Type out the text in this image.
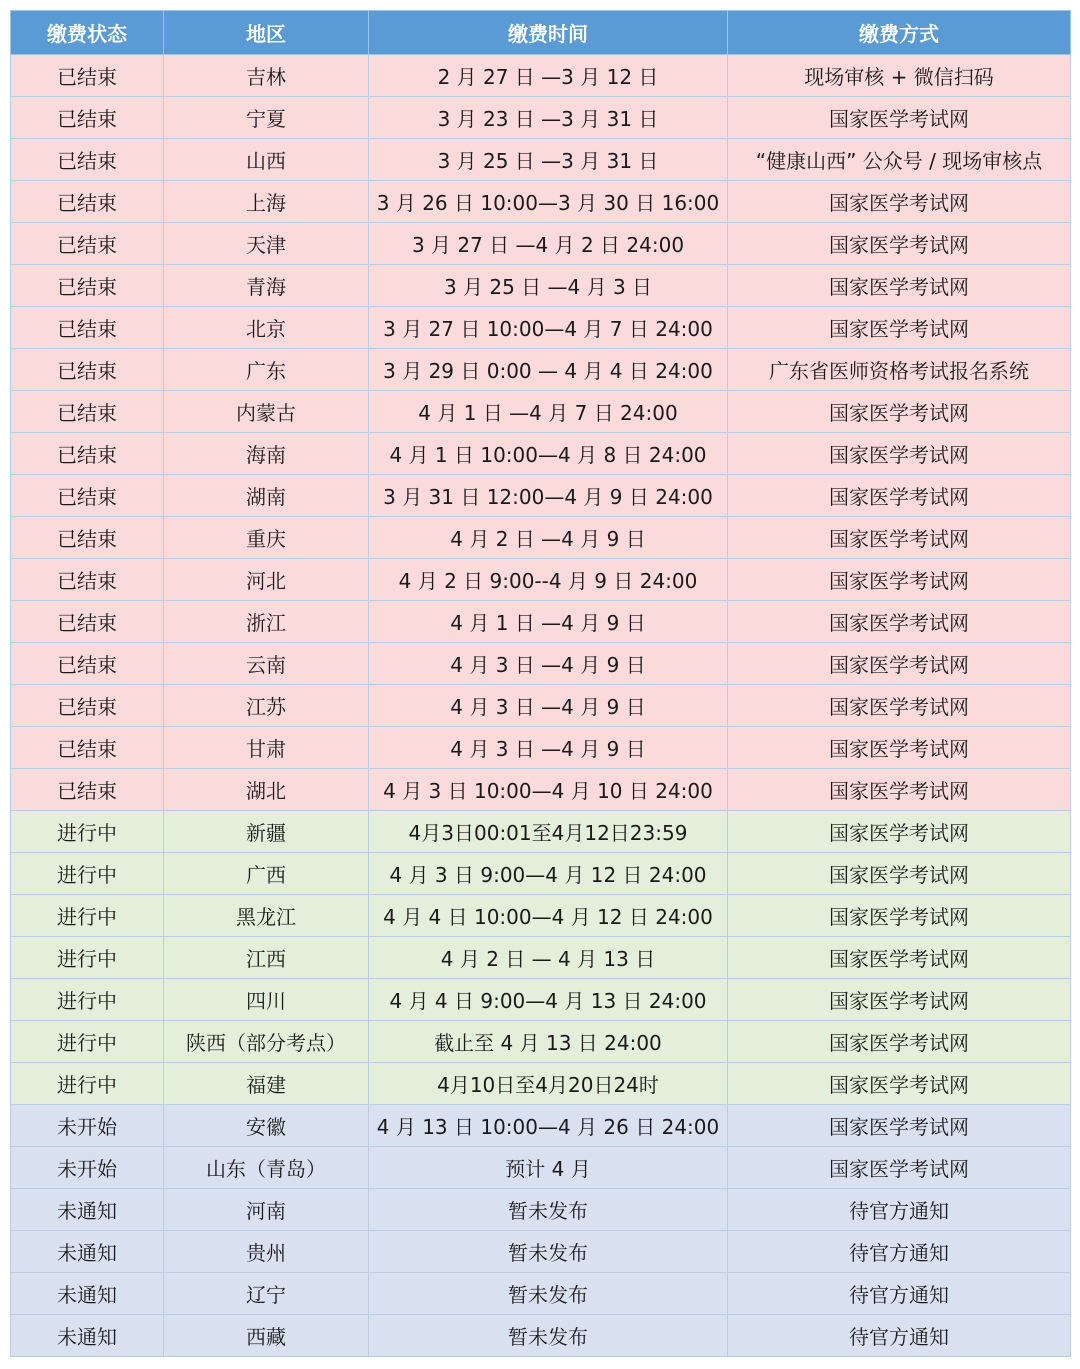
缴费状态	地区	缴费时间	缴费方式
已结束	吉林	2 月 27 日 —3 月 12 日	现场审核 + 微信扫码
已结束	宁夏	3 月 23 日 —3 月 31 日	国家医学考试网
已结束	山西	3 月 25 日 —3 月 31 日	“健康山西” 公众号 / 现场审核点
已结束	上海	3 月 26 日 10:00—3 月 30 日 16:00	国家医学考试网
已结束	天津	3 月 27 日 —4 月 2 日 24:00	国家医学考试网
已结束	青海	3 月 25 日 —4 月 3 日	国家医学考试网
已结束	北京	3 月 27 日 10:00—4 月 7 日 24:00	国家医学考试网
已结束	广东	3 月 29 日 0:00 — 4 月 4 日 24:00	广东省医师资格考试报名系统
已结束	内蒙古	4 月 1 日 —4 月 7 日 24:00	国家医学考试网
已结束	海南	4 月 1 日 10:00—4 月 8 日 24:00	国家医学考试网
已结束	湖南	3 月 31 日 12:00—4 月 9 日 24:00	国家医学考试网
已结束	重庆	4 月 2 日 —4 月 9 日	国家医学考试网
已结束	河北	4 月 2 日 9:00--4 月 9 日 24:00	国家医学考试网
已结束	浙江	4 月 1 日 —4 月 9 日	国家医学考试网
已结束	云南	4 月 3 日 —4 月 9 日	国家医学考试网
已结束	江苏	4 月 3 日 —4 月 9 日	国家医学考试网
已结束	甘肃	4 月 3 日 —4 月 9 日	国家医学考试网
已结束	湖北	4 月 3 日 10:00—4 月 10 日 24:00	国家医学考试网
进行中	新疆	4月3日00:01至4月12日23:59	国家医学考试网
进行中	广西	4 月 3 日 9:00—4 月 12 日 24:00	国家医学考试网
进行中	黑龙江	4 月 4 日 10:00—4 月 12 日 24:00	国家医学考试网
进行中	江西	4 月 2 日 — 4 月 13 日	国家医学考试网
进行中	四川	4 月 4 日 9:00—4 月 13 日 24:00	国家医学考试网
进行中	陕西（部分考点）	截止至 4 月 13 日 24:00	国家医学考试网
进行中	福建	4月10日至4月20日24时	国家医学考试网
未开始	安徽	4 月 13 日 10:00—4 月 26 日 24:00	国家医学考试网
未开始	山东（青岛）	预计 4 月	国家医学考试网
未通知	河南	暂未发布	待官方通知
未通知	贵州	暂未发布	待官方通知
未通知	辽宁	暂未发布	待官方通知
未通知	西藏	暂未发布	待官方通知
